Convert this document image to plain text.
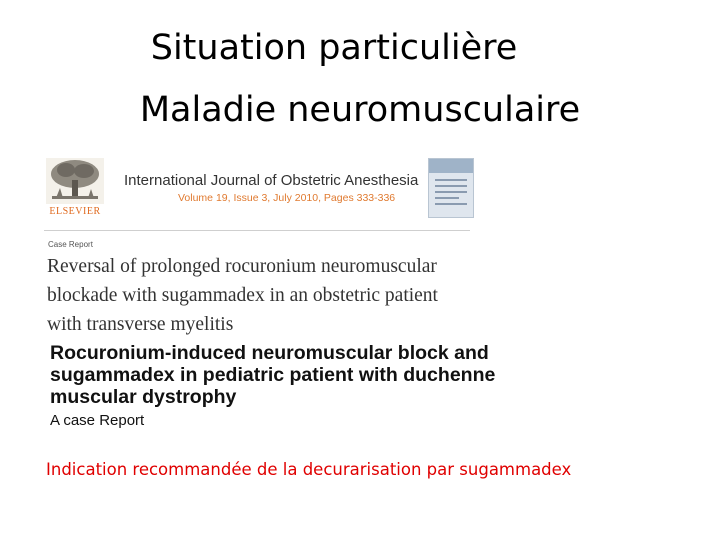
Situation particulière
Maladie neuromusculaire
ELSEVIER
International Journal of Obstetric Anesthesia
Volume 19, Issue 3, July 2010, Pages 333-336
Case Report
Reversal of prolonged rocuronium neuromuscular
blockade with sugammadex in an obstetric patient
with transverse myelitis
Rocuronium-induced neuromuscular block and
sugammadex in pediatric patient with duchenne
muscular dystrophy
A case Report
Indication recommandée de la decurarisation par sugammadex
